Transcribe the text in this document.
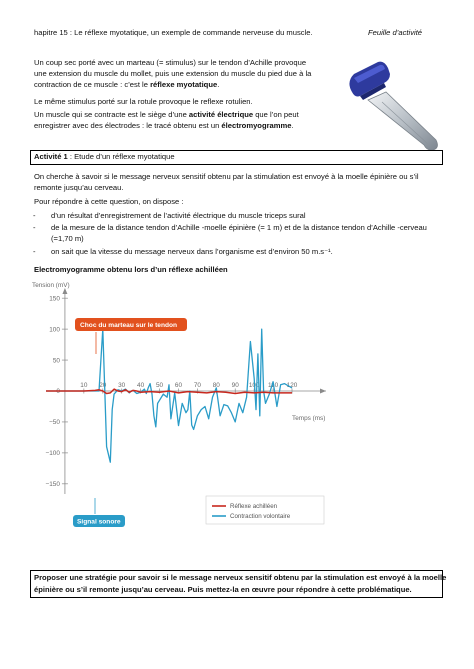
hapitre 15 : Le réflexe myotatique, un exemple de commande nerveuse du muscle.	Feuille d’activité
Un coup sec porté avec un marteau (= stimulus) sur le tendon d’Achille provoque
une extension du muscle du mollet, puis une extension du muscle du pied due à la
contraction de ce muscle : c’est le réflexe myotatique.
Le même stimulus porté sur la rotule provoque le reflexe rotulien.
Un muscle qui se contracte est le siège d’une activité électrique que l’on peut
enregistrer avec des électrodes : le tracé obtenu est un électromyogramme.
Activité 1 : Etude d’un réflexe myotatique
On cherche à savoir si le message nerveux sensitif obtenu par la stimulation est envoyé à la moelle épinière ou s’il
remonte jusqu’au cerveau.
Pour répondre à cette question, on dispose :
- d’un résultat d’enregistrement de l’activité électrique du muscle triceps sural
- de la mesure de la distance tendon d’Achille -moelle épinière (= 1 m) et de la distance tendon d’Achille -cerveau
(=1,70 m)
- on sait que la vitesse du message nerveux dans l’organisme est d’environ 50 m.s⁻¹.
Electromyogramme obtenu lors d’un réflexe achilléen
150
100
50
0
−50
−100
−150
10 20 30 40 50 60 70 80 90 100 110 120
Tension (mV)
Temps (ms)
Choc du marteau sur le tendon
Signal sonore
Réflexe achilléen
Contraction volontaire
Proposer une stratégie pour savoir si le message nerveux sensitif obtenu par la stimulation est envoyé à la moelle
épinière ou s’il remonte jusqu’au cerveau. Puis mettez-la en œuvre pour répondre à cette problématique.
